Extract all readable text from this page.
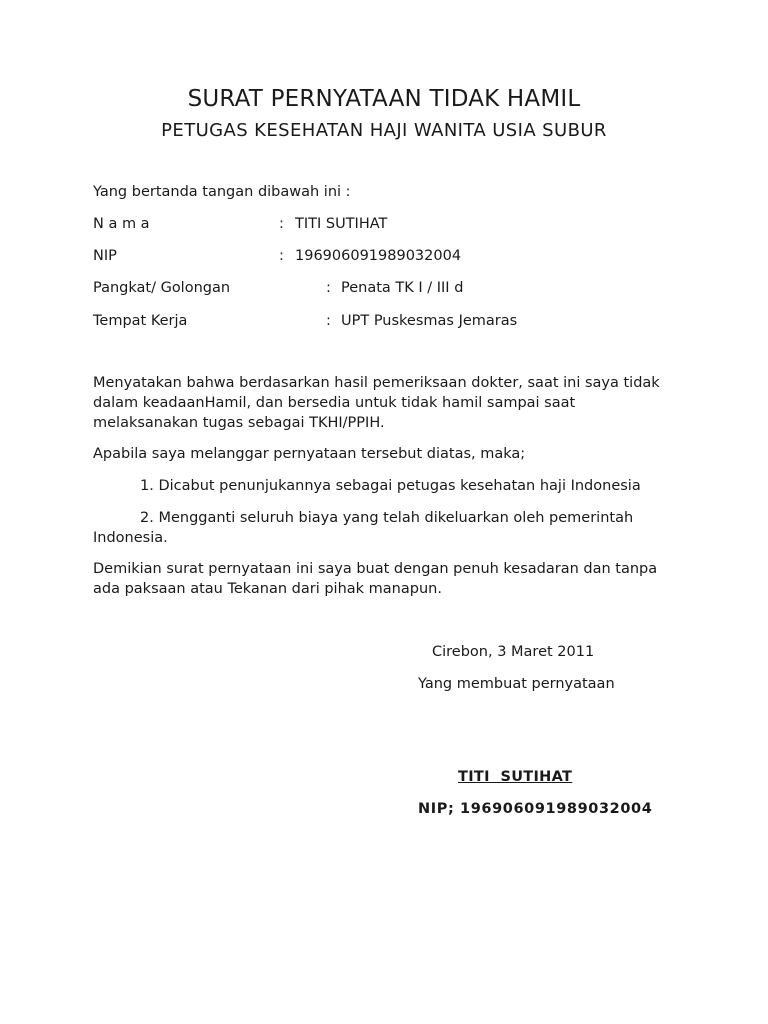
SURAT PERNYATAAN TIDAK HAMIL
PETUGAS KESEHATAN HAJI WANITA USIA SUBUR
Yang bertanda tangan dibawah ini :
N a m a	: TITI SUTIHAT
NIP	: 196906091989032004
Pangkat/ Golongan	: Penata TK I / III d
Tempat Kerja	: UPT Puskesmas Jemaras
Menyatakan bahwa berdasarkan hasil pemeriksaan dokter, saat ini saya tidak dalam keadaanHamil, dan bersedia untuk tidak hamil sampai saat melaksanakan tugas sebagai TKHI/PPIH.
Apabila saya melanggar pernyataan tersebut diatas, maka;
1. Dicabut penunjukannya sebagai petugas kesehatan haji Indonesia
2. Mengganti seluruh biaya yang telah dikeluarkan oleh pemerintah Indonesia.
Demikian surat pernyataan ini saya buat dengan penuh kesadaran dan tanpa ada paksaan atau Tekanan dari pihak manapun.
Cirebon, 3 Maret 2011
Yang membuat pernyataan
TITI  SUTIHAT
NIP; 196906091989032004
